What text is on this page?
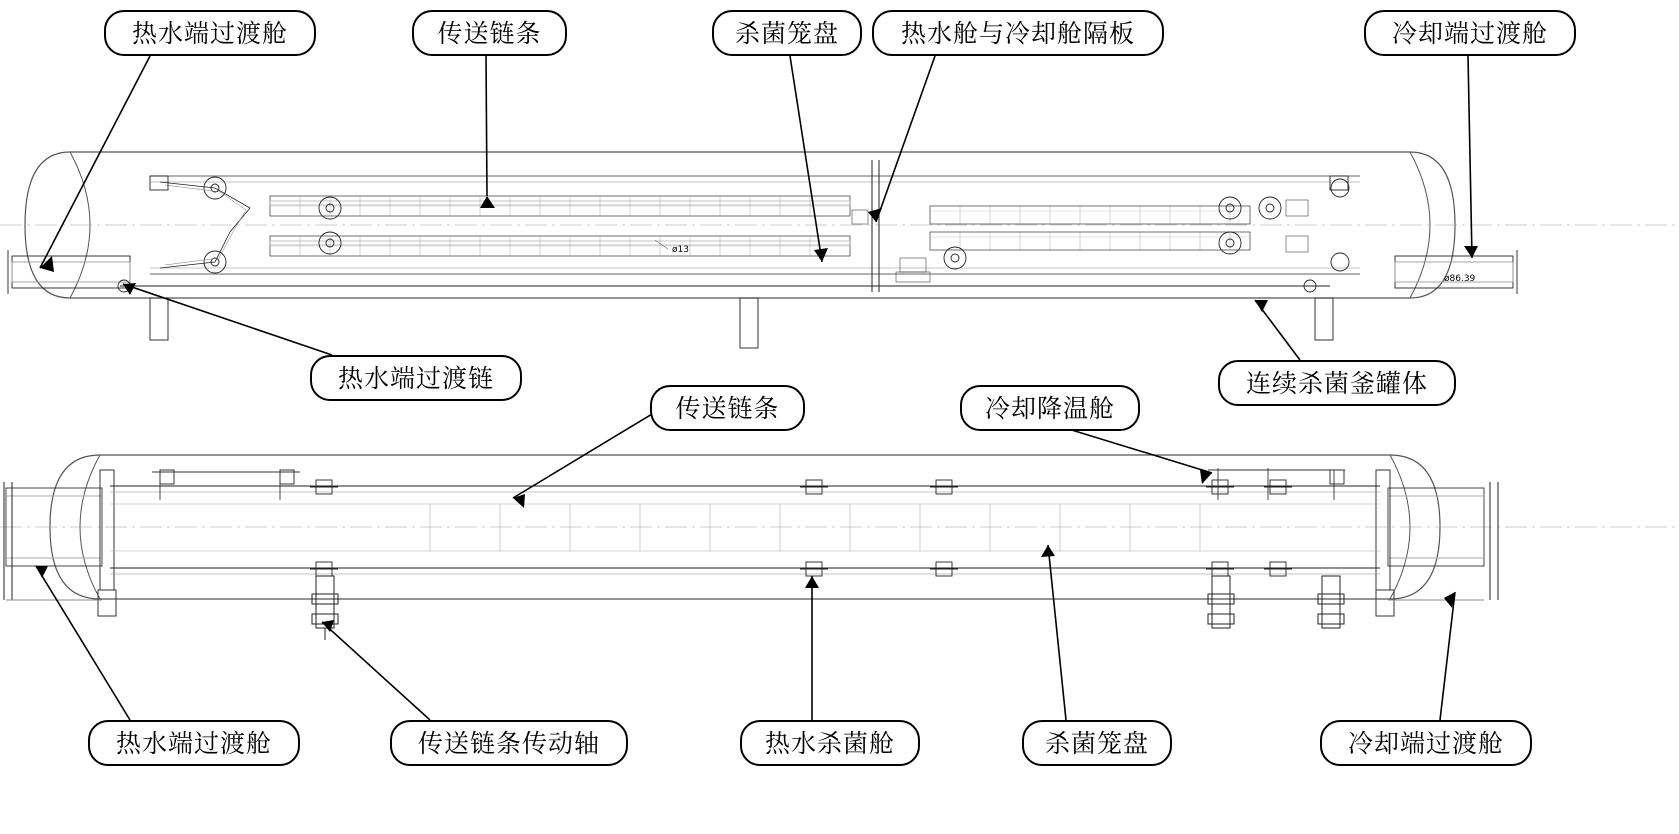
ø13
ø86.39
热水端过渡舱	传送链条	杀菌笼盘 热水舱与冷却舱隔板	冷却端过渡舱
热水端过渡链	连续杀菌釜罐体
传送链条	冷却降温舱
热水端过渡舱	传送链条传动轴	热水杀菌舱	杀菌笼盘	冷却端过渡舱
